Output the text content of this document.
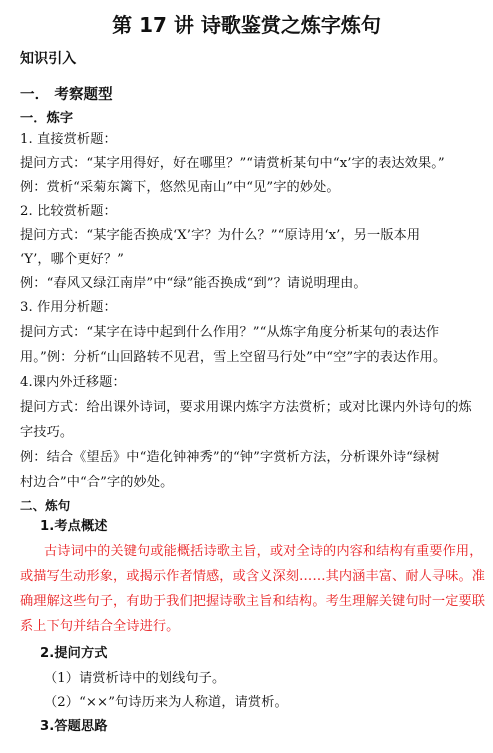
第 17 讲 诗歌鉴赏之炼字炼句
知识引入
一． 考察题型
一．炼字
1. 直接赏析题：
提问方式：“某字用得好，好在哪里？”“请赏析某句中“x’字的表达效果。”
例：赏析“采菊东篱下，悠然见南山”中“见”字的妙处。
2. 比较赏析题：
提问方式：“某字能否换成‘X’字？为什么？”“原诗用‘x’，另一版本用
‘Y’，哪个更好？”
例：“春风又绿江南岸”中“绿”能否换成“到”？请说明理由。
3. 作用分析题：
提问方式：“某字在诗中起到什么作用？”“从炼字角度分析某句的表达作
用。”例：分析“山回路转不见君，雪上空留马行处”中“空”字的表达作用。
4.课内外迁移题：
提问方式：给出课外诗词，要求用课内炼字方法赏析；或对比课内外诗句的炼
字技巧。
例：结合《望岳》中“造化钟神秀”的“钟”字赏析方法，分析课外诗“绿树
村边合”中“合”字的妙处。
二、炼句
1.考点概述
古诗词中的关键句或能概括诗歌主旨，或对全诗的内容和结构有重要作用，
或描写生动形象，或揭示作者情感，或含义深刻……其内涵丰富、耐人寻味。准
确理解这些句子，有助于我们把握诗歌主旨和结构。考生理解关键句时一定要联
系上下句并结合全诗进行。
2.提问方式
（1）请赏析诗中的划线句子。
（2）“××”句诗历来为人称道，请赏析。
3.答题思路
